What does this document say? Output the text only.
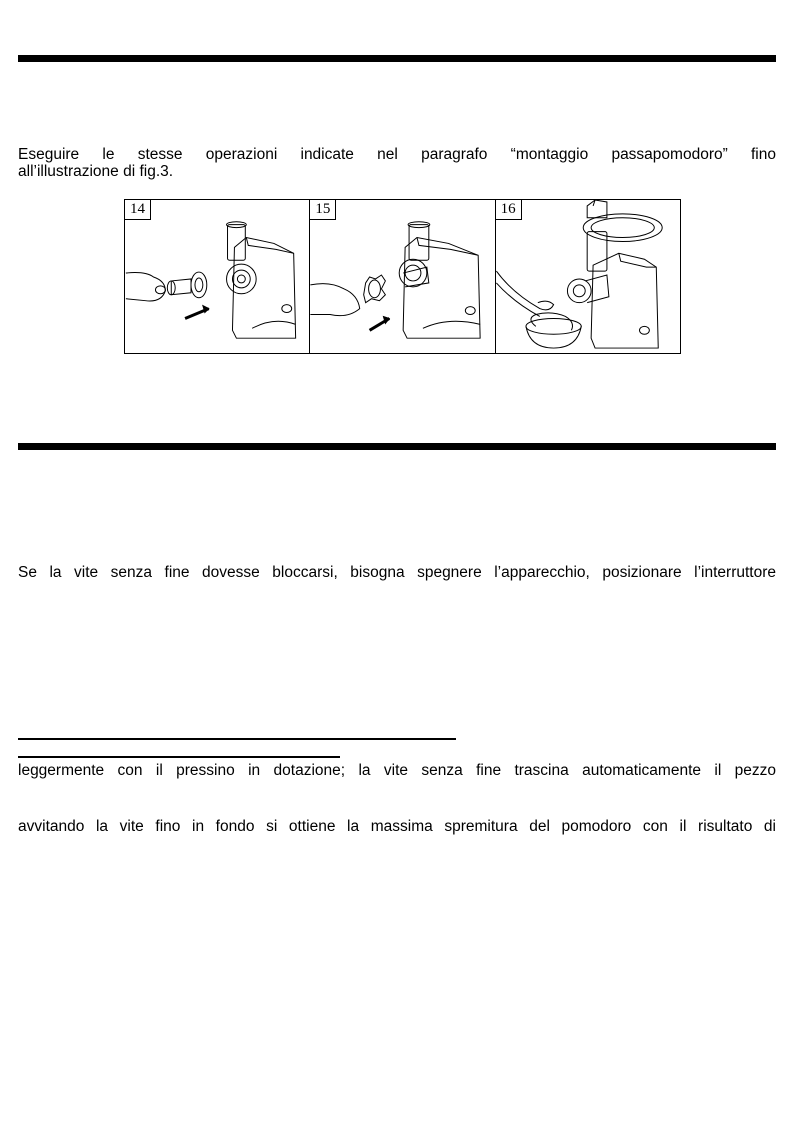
Eseguire le stesse operazioni indicate nel paragrafo “montaggio passapomodoro” fino

all’illustrazione di fig.3.

14	15	16

Se la vite senza fine dovesse bloccarsi, bisogna spegnere l’apparecchio, posizionare l’interruttore

leggermente con il pressino in dotazione; la vite senza fine trascina automaticamente il pezzo

avvitando la vite fino in fondo si ottiene la massima spremitura del pomodoro con il risultato di
